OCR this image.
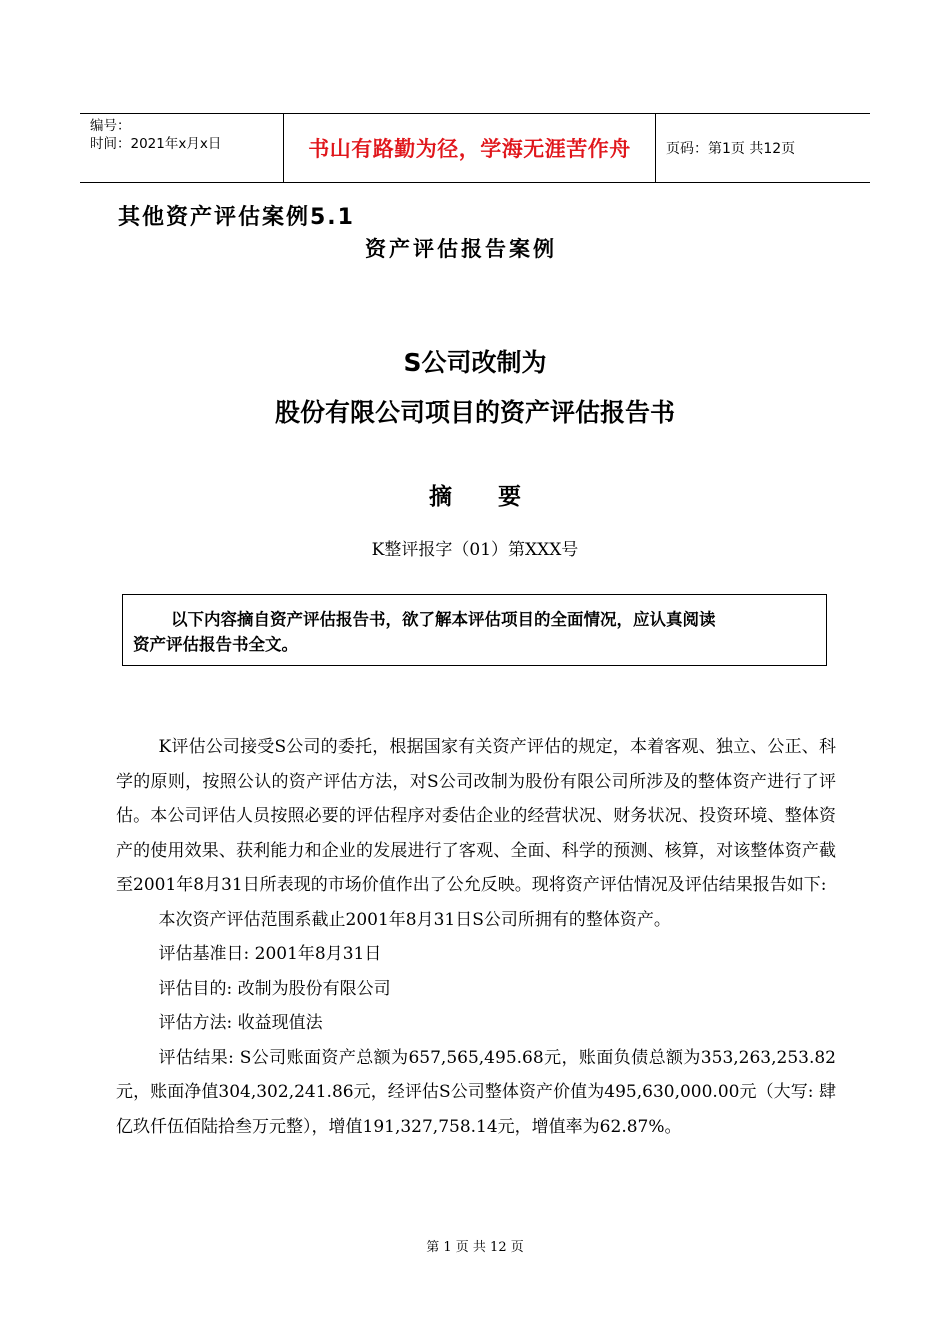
编号：
时间：2021年x月x日	书山有路勤为径，学海无涯苦作舟	页码：第1页 共12页
其他资产评估案例5.1
资产评估报告案例
S公司改制为
股份有限公司项目的资产评估报告书
摘要
K整评报字（01）第XXX号
以下内容摘自资产评估报告书，欲了解本评估项目的全面情况，应认真阅读
资产评估报告书全文。

K评估公司接受S公司的委托，根据国家有关资产评估的规定，本着客观、独立、公正、科学的原则，按照公认的资产评估方法，对S公司改制为股份有限公司所涉及的整体资产进行了评估。本公司评估人员按照必要的评估程序对委估企业的经营状况、财务状况、投资环境、整体资产的使用效果、获利能力和企业的发展进行了客观、全面、科学的预测、核算，对该整体资产截至2001年8月31日所表现的市场价值作出了公允反映。现将资产评估情况及评估结果报告如下:

本次资产评估范围系截止2001年8月31日S公司所拥有的整体资产。

评估基准日: 2001年8月31日

评估目的: 改制为股份有限公司

评估方法: 收益现值法

评估结果: S公司账面资产总额为657,565,495.68元，账面负债总额为353,263,253.82元，账面净值304,302,241.86元，经评估S公司整体资产价值为495,630,000.00元（大写: 肆亿玖仟伍佰陆拾叁万元整），增值191,327,758.14元，增值率为62.87%。

第 1 页 共 12 页
